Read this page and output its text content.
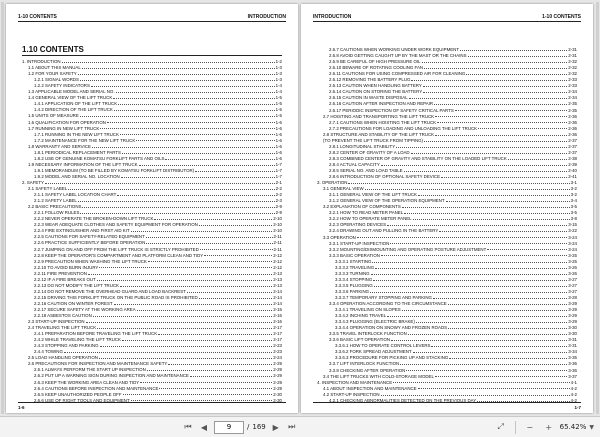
1-10 CONTENTS	INTRODUCTION
1.10 CONTENTS
1. INTRODUCTION	1-2
1.1 ABOUT THIS MANUAL	1-3
1.2 FOR YOUR SAFETY	1-3
1.2.1 SIGNAL WORDS	1-3
1.2.2 SAFETY INDICATORS	1-4
1.3 APPLICABLE MODEL AND SERIAL NO.	1-4
1.4 GENERAL VIEW OF THE LIFT TRUCK	1-5
1.4.1 APPLICATION OF THE LIFT TRUCK	1-5
1.4.2 DIRECTION OF THE LIFT TRUCK	1-5
1.5 UNITS OF MEASURE	1-5
1.6 QUALIFICATION FOR OPERATION	1-6
1.7 RUNNING IN NEW LIFT TRUCK	1-6
1.7.1 RUNNING IN THE NEW LIFT TRUCK	1-6
1.7.2 MAINTENANCE FOR THE NEW LIFT TRUCK	1-6
1.8 WARRANTY AND SERVICE	1-6
1.8.1 PERIODICAL REPLACEMENT PARTS	1-6
1.8.2 USE OF GENUINE KOMATSU FORKLIFT PARTS AND OILS	1-6
1.9 NECESSARY INFORMATION OF THE LIFT TRUCK	1-7
1.9.1 MEMORANDUM (TO BE FILLED BY KOMATSU FORKLIFT DISTRIBUTOR)	1-7
1.9.2 MODEL AND SERIAL NO. LOCATION	1-7
2. SAFETY	2-1
2.1 SAFETY LABEL	2-2
2.1.1 SAFETY LABEL LOCATION CHART	2-2
2.1.2 SAFETY LABEL	2-3
2.2 BASIC PRECAUTIONS	2-9
2.2.1 FOLLOW RULES	2-9
2.2.2 NEVER OPERATE THE BROKEN-DOWN LIFT TRUCK	2-10
2.2.3 WEAR ADEQUATE CLOTHES AND SAFETY EQUIPMENT FOR OPERATION	2-10
2.2.4 FIRE EXTINGUISHER AND FIRST AID KIT	2-10
2.2.5 CAUTIONS FOR SAFETY-RELATED EQUIPMENT	2-11
2.2.6 PRACTICE SUFFICIENTLY BEFORE OPERATION	2-11
2.2.7 JUMPING ON AND OFF FROM THE LIFT TRUCK IS STRICTLY PROHIBITED	2-11
2.2.8 KEEP THE OPERATOR'S COMPARTMENT AND PLATFORM CLEAN AND TIDY	2-12
2.2.9 PRECAUTION WHEN WASHING THE LIFT TRUCK	2-12
2.2.10 TO AVOID BURN INJURY	2-12
2.2.11 FIRE PREVENTION	2-13
2.2.12 IF A FIRE BREAKS OUT	2-13
2.2.13 DO NOT MODIFY THE LIFT TRUCK	2-13
2.2.14 DO NOT REMOVE THE OVERHEAD GUARD AND LOAD BACKREST	2-14
2.2.15 DRIVING THIS FORKLIFT TRUCK ON THE PUBLIC ROAD IS PROHIBITED	2-14
2.2.16 CAUTION ON WINTER FOREST	2-14
2.2.17 SECURE SAFETY AT THE WORKING AREA	2-15
2.2.18 ASBESTOS CAUTION	2-16
2.3 START-UP INSPECTION	2-16
2.4 TRAVELING THE LIFT TRUCK	2-17
2.4.1 PREPARATION BEFORE TRAVELING THE LIFT TRUCK	2-17
2.4.2 WHILE TRAVELING THE LIFT TRUCK	2-17
2.4.3 STOPPING AND PARKING	2-23
2.4.4 TOWING	2-23
2.5 LOAD HANDLING OPERATION	2-24
2.6 PRECAUTIONS FOR INSPECTION AND MAINTENANCE SAFETY	2-29
2.6.1 ALWAYS PERFORM THE START UP INSPECTION	2-29
2.6.2 PUT UP A WARNING SIGN DURING INSPECTION AND MAINTENANCE	2-29
2.6.3 KEEP THE WORKING AREA CLEAN AND TIDY	2-29
2.6.4 CAUTIONS BEFORE INSPECTION AND MAINTENANCE	2-29
2.6.5 KEEP UNAUTHORIZED PEOPLE OFF	2-30
2.6.6 USE OF RIGHT TOOLS AND EQUIPMENT	2-30
1-6
INTRODUCTION	1-10 CONTENTS
2.6.7 CAUTIONS WHEN WORKING UNDER WORK EQUIPMENT	2-31
2.6.8 AVOID GETTING CAUGHT UP BY THE MAST OR THE CHAINS	2-31
2.6.9 BE CAREFUL OF HIGH PRESSURE OIL	2-32
2.6.10 BEWARE OF ROTATING COOLING FAN	2-32
2.6.11 CAUTIONS FOR USING COMPRESSED AIR FOR CLEANING	2-32
2.6.12 REMOVING THE BATTERY PLUG	2-33
2.6.13 CAUTION WHEN HANDLING BATTERY	2-33
2.6.14 CAUTION ON STORING THE BATTERY	2-34
2.6.15 CAUTION IN WASTE DISPOSAL	2-34
2.6.16 CAUTION AFTER INSPECTION AND REPAIR	2-35
2.6.17 PERIODIC INSPECTION OF SAFETY CRITICAL PARTS	2-35
2.7 HOISTING AND TRANSPORTING THE LIFT TRUCK	2-36
2.7.1 CAUTIONS WHEN HOISTING THE LIFT TRUCK	2-36
2.7.2 PRECAUTIONS FOR LOADING AND UNLOADING THE LIFT TRUCK	2-36
2.8 STRUCTURE AND STABILITY OF THE LIFT TRUCK	2-36
(TO PREVENT THE LIFT TRUCK FROM TIPPING)	2-37
2.8.1 LONGITUDINAL STABILITY	2-37
2.8.2 CENTER OF GRAVITY OF A LOAD	2-37
2.8.3 COMBINED CENTER OF GRAVITY AND STABILITY ON THE LOADED LIFT TRUCK	2-38
2.8.4 ACTUAL CAPACITY	2-39
2.8.5 SERIAL NO. AND LOAD TABLE	2-40
2.8.6 INTRODUCTION OF OPTIONAL SAFETY DEVICE	2-41
3. OPERATION	3-1
3.1 GENERAL VIEW	3-2
3.1.1 GENERAL VIEW OF THE LIFT TRUCK	3-2
3.1.2 GENERAL VIEW OF THE OPERATION EQUIPMENT	3-4
3.2 EXPLANATION OF COMPONENTS	3-5
3.2.1 HOW TO READ METER PANEL	3-5
3.2.2 HOW TO OPERATE METER PANEL	3-8
3.2.3 OPERATING DEVICES	3-15
3.2.4 DRAWING OUT AND PULLING IN THE BATTERY	3-22
3.3 OPERATION	3-24
3.3.1 START-UP INSPECTION	3-24
3.3.2 MOUNTING/DISMOUNTING AND OPERATING POSTURE ADJUSTMENT	3-24
3.3.3 BASIC OPERATION	3-25
3.3.3.1 STARTING	3-25
3.3.3.2 TRAVELING	3-26
3.3.3.3 TURNING	3-26
3.3.3.4 STOPPING	3-27
3.3.3.5 PLUGGING	3-27
3.3.3.6 PARKING	3-27
3.3.3.7 TEMPORARY STOPPING AND PARKING	3-28
3.3.4 OPERATION ACCORDING TO THE CIRCUMSTANCE	3-29
3.3.4.1 TRAVELING ON SLOPES	3-29
3.3.4.2 INCHING TRAVEL	3-29
3.3.4.3 PLUGGING (ELECTRIC BRAKE)	3-29
3.3.4.4 OPERATION ON SNOWY AND FROZEN ROADS	3-30
3.3.5 TRAVEL INTERLOCK FUNCTION	3-30
3.3.6 BASIC LIFT OPERATION	3-31
3.3.6.1 HOW TO OPERATE CONTROL LEVERS	3-31
3.3.6.2 FORK SPREAD ADJUSTMENT	3-34
3.3.6.3 PROCEDURE FOR PICKING UP AND STACKING	3-35
3.3.7 LIFT INTERLOCK FUNCTION	3-36
3.3.8 CHECKING AFTER OPERATION	3-36
3.4 THE LIFT TRUCKS WITH COLD-STORAGE MODEL	3-37
4. INSPECTION AND MAINTENANCE	4-1
4.1 ABOUT INSPECTION AND MAINTENANCE	4-2
4.2 START-UP INSPECTION	4-2
4.2.1 CHECKING ABNORMALITIES DETECTED ON THE PREVIOUS DAY	4-2
1-7
⏮	◀
9	/ 169 ▶	⏭	⤢	−	+	65.42% ▼
